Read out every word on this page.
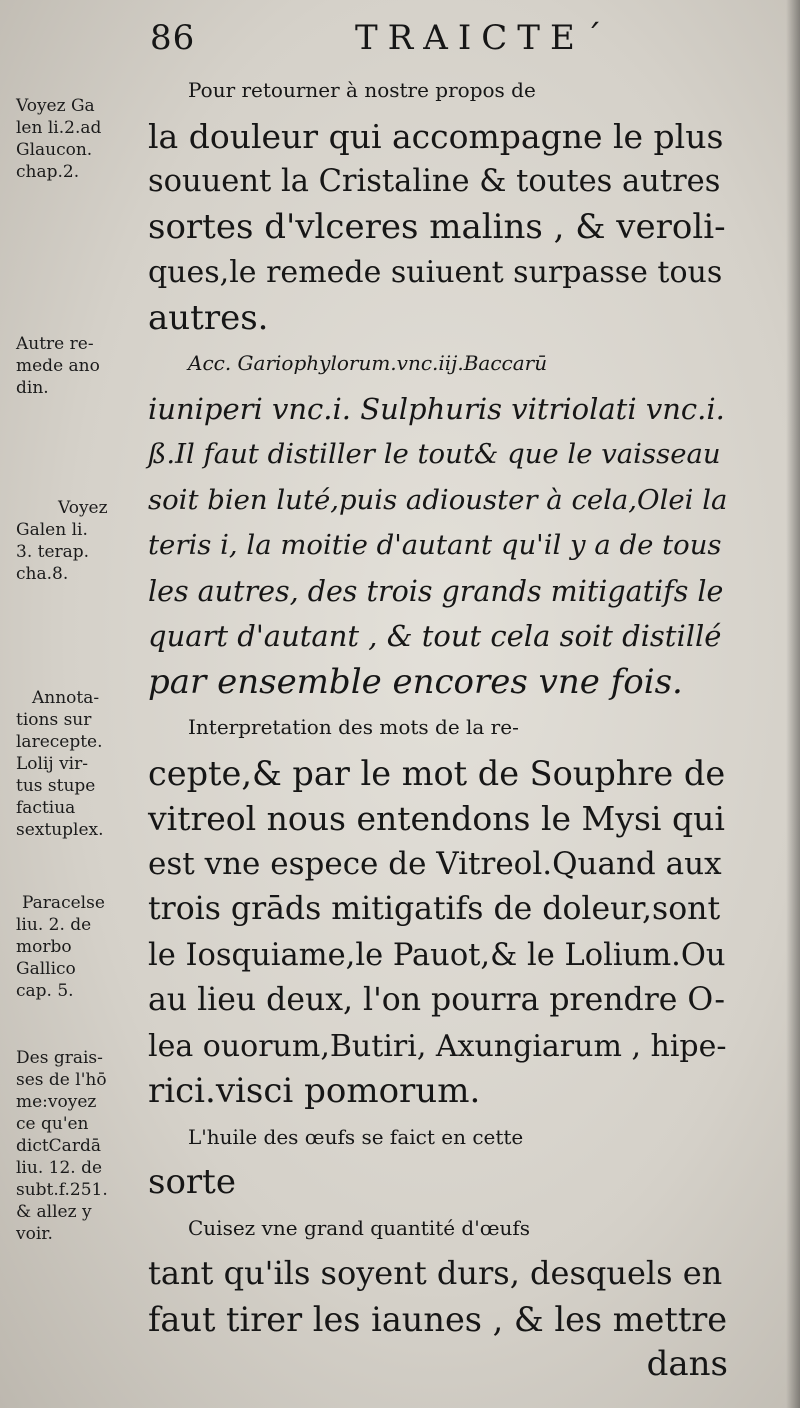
86	TRAICTE´
Voyez Ga
len li.2.ad
Glaucon.
chap.2.
Autre re-
mede ano
din.
Voyez
Galen li.
3. terap.
cha.8.
Annota-
tions sur
larecepte.
Lolij vir-
tus stupe
factiua
sextuplex.
Paracelse
liu. 2. de
morbo
Gallico
cap. 5.
Des grais-
ses de l'hō
me:voyez
ce qu'en
dictCardā
liu. 12. de
subt.f.251.
& allez y
voir.

Pour retourner à nostre propos de
la douleur qui accompagne le plus
souuent la Cristaline & toutes autres
sortes d'vlceres malins , & veroli-
ques,le remede suiuent surpasse tous
autres.

Acc. Gariophylorum.vnc.iij.Baccarū
iuniperi vnc.i. Sulphuris vitriolati vnc.i.
ß.Il faut distiller le tout& que le vaisseau
soit bien luté,puis adiouster à cela,Olei la
teris i, la moitie d'autant qu'il y a de tous
les autres, des trois grands mitigatifs le
quart d'autant , & tout cela soit distillé
par ensemble encores vne fois.

Interpretation des mots de la re-
cepte,& par le mot de Souphre de
vitreol nous entendons le Mysi qui
est vne espece de Vitreol.Quand aux
trois grāds mitigatifs de doleur,sont
le Iosquiame,le Pauot,& le Lolium.Ou
au lieu deux, l'on pourra prendre O-
lea ouorum,Butiri, Axungiarum , hipe-
rici.visci pomorum.

L'huile des œufs se faict en cette
sorte

Cuisez vne grand quantité d'œufs
tant qu'ils soyent durs, desquels en
faut tirer les iaunes , & les mettre

dans
